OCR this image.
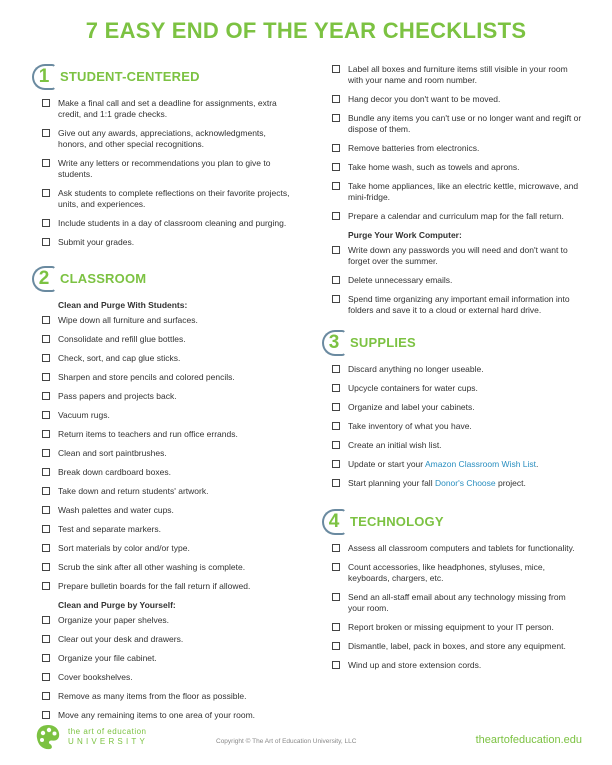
7 EASY END OF THE YEAR CHECKLISTS
1 STUDENT-CENTERED
Make a final call and set a deadline for assignments, extra credit, and 1:1 grade checks.
Give out any awards, appreciations, acknowledgments, honors, and other special recognitions.
Write any letters or recommendations you plan to give to students.
Ask students to complete reflections on their favorite projects, units, and experiences.
Include students in a day of classroom cleaning and purging.
Submit your grades.
2 CLASSROOM
Clean and Purge With Students:
Wipe down all furniture and surfaces.
Consolidate and refill glue bottles.
Check, sort, and cap glue sticks.
Sharpen and store pencils and colored pencils.
Pass papers and projects back.
Vacuum rugs.
Return items to teachers and run office errands.
Clean and sort paintbrushes.
Break down cardboard boxes.
Take down and return students' artwork.
Wash palettes and water cups.
Test and separate markers.
Sort materials by color and/or type.
Scrub the sink after all other washing is complete.
Prepare bulletin boards for the fall return if allowed.
Clean and Purge by Yourself:
Organize your paper shelves.
Clear out your desk and drawers.
Organize your file cabinet.
Cover bookshelves.
Remove as many items from the floor as possible.
Move any remaining items to one area of your room.
Label all boxes and furniture items still visible in your room with your name and room number.
Hang decor you don't want to be moved.
Bundle any items you can't use or no longer want and regift or dispose of them.
Remove batteries from electronics.
Take home wash, such as towels and aprons.
Take home appliances, like an electric kettle, microwave, and mini-fridge.
Prepare a calendar and curriculum map for the fall return.
Purge Your Work Computer:
Write down any passwords you will need and don't want to forget over the summer.
Delete unnecessary emails.
Spend time organizing any important email information into folders and save it to a cloud or external hard drive.
3 SUPPLIES
Discard anything no longer useable.
Upcycle containers for water cups.
Organize and label your cabinets.
Take inventory of what you have.
Create an initial wish list.
Update or start your Amazon Classroom Wish List.
Start planning your fall Donor's Choose project.
4 TECHNOLOGY
Assess all classroom computers and tablets for functionality.
Count accessories, like headphones, styluses, mice, keyboards, chargers, etc.
Send an all-staff email about any technology missing from your room.
Report broken or missing equipment to your IT person.
Dismantle, label, pack in boxes, and store any equipment.
Wind up and store extension cords.
the art of education
UNIVERSITY	Copyright © The Art of Education University, LLC	theartofeducation.edu
